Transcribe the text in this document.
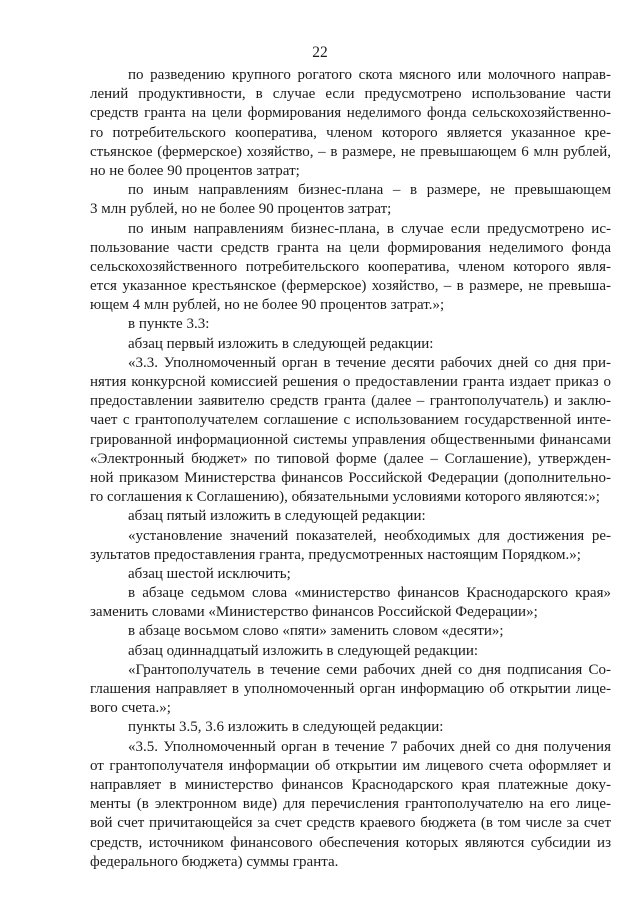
22
по разведению крупного рогатого скота мясного или молочного направ-
лений продуктивности, в случае если предусмотрено использование части
средств гранта на цели формирования неделимого фонда сельскохозяйственно-
го потребительского кооператива, членом которого является указанное кре-
стьянское (фермерское) хозяйство, – в размере, не превышающем 6 млн рублей,
но не более 90 процентов затрат;
по иным направлениям бизнес-плана – в размере, не превышающем
3 млн рублей, но не более 90 процентов затрат;
по иным направлениям бизнес-плана, в случае если предусмотрено ис-
пользование части средств гранта на цели формирования неделимого фонда
сельскохозяйственного потребительского кооператива, членом которого явля-
ется указанное крестьянское (фермерское) хозяйство, – в размере, не превыша-
ющем 4 млн рублей, но не более 90 процентов затрат.»;
в пункте 3.3:
абзац первый изложить в следующей редакции:
«3.3. Уполномоченный орган в течение десяти рабочих дней со дня при-
нятия конкурсной комиссией решения о предоставлении гранта издает приказ о
предоставлении заявителю средств гранта (далее – грантополучатель) и заклю-
чает с грантополучателем соглашение с использованием государственной инте-
грированной информационной системы управления общественными финансами
«Электронный бюджет» по типовой форме (далее – Соглашение), утвержден-
ной приказом Министерства финансов Российской Федерации (дополнительно-
го соглашения к Соглашению), обязательными условиями которого являются:»;
абзац пятый изложить в следующей редакции:
«установление значений показателей, необходимых для достижения ре-
зультатов предоставления гранта, предусмотренных настоящим Порядком.»;
абзац шестой исключить;
в абзаце седьмом слова «министерство финансов Краснодарского края»
заменить словами «Министерство финансов Российской Федерации»;
в абзаце восьмом слово «пяти» заменить словом «десяти»;
абзац одиннадцатый изложить в следующей редакции:
«Грантополучатель в течение семи рабочих дней со дня подписания Со-
глашения направляет в уполномоченный орган информацию об открытии лице-
вого счета.»;
пункты 3.5, 3.6 изложить в следующей редакции:
«3.5. Уполномоченный орган в течение 7 рабочих дней со дня получения
от грантополучателя информации об открытии им лицевого счета оформляет и
направляет в министерство финансов Краснодарского края платежные доку-
менты (в электронном виде) для перечисления грантополучателю на его лице-
вой счет причитающейся за счет средств краевого бюджета (в том числе за счет
средств, источником финансового обеспечения которых являются субсидии из
федерального бюджета) суммы гранта.
